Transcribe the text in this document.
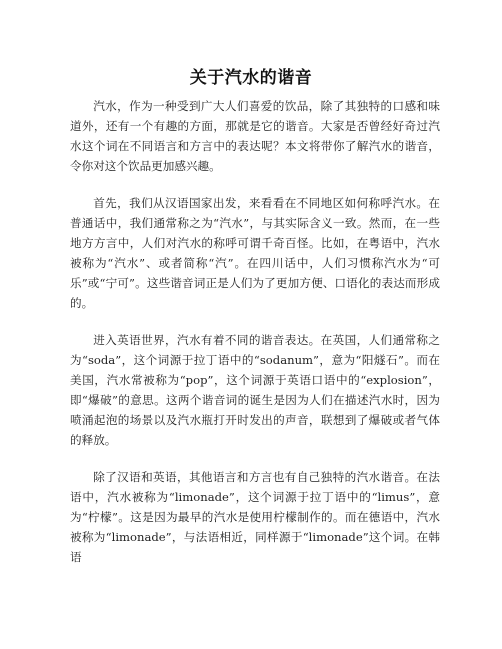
关于汽水的谐音

汽水，作为一种受到广大人们喜爱的饮品，除了其独特的口感和味道外，还有一个有趣的方面，那就是它的谐音。大家是否曾经好奇过汽水这个词在不同语言和方言中的表达呢？本文将带你了解汽水的谐音，令你对这个饮品更加感兴趣。

首先，我们从汉语国家出发，来看看在不同地区如何称呼汽水。在普通话中，我们通常称之为“汽水”，与其实际含义一致。然而，在一些地方方言中，人们对汽水的称呼可谓千奇百怪。比如，在粤语中，汽水被称为“汽水”、或者简称“汽”。在四川话中，人们习惯称汽水为“可乐”或“宁可”。这些谐音词正是人们为了更加方便、口语化的表达而形成的。

进入英语世界，汽水有着不同的谐音表达。在英国，人们通常称之为“soda”，这个词源于拉丁语中的“sodanum”，意为“阳燧石”。而在美国，汽水常被称为“pop”，这个词源于英语口语中的“explosion”，即“爆破”的意思。这两个谐音词的诞生是因为人们在描述汽水时，因为喷涌起泡的场景以及汽水瓶打开时发出的声音，联想到了爆破或者气体的释放。

除了汉语和英语，其他语言和方言也有自己独特的汽水谐音。在法语中，汽水被称为“limonade”，这个词源于拉丁语中的“limus”，意为“柠檬”。这是因为最早的汽水是使用柠檬制作的。而在德语中，汽水被称为“limonade”，与法语相近，同样源于“limonade”这个词。在韩语
